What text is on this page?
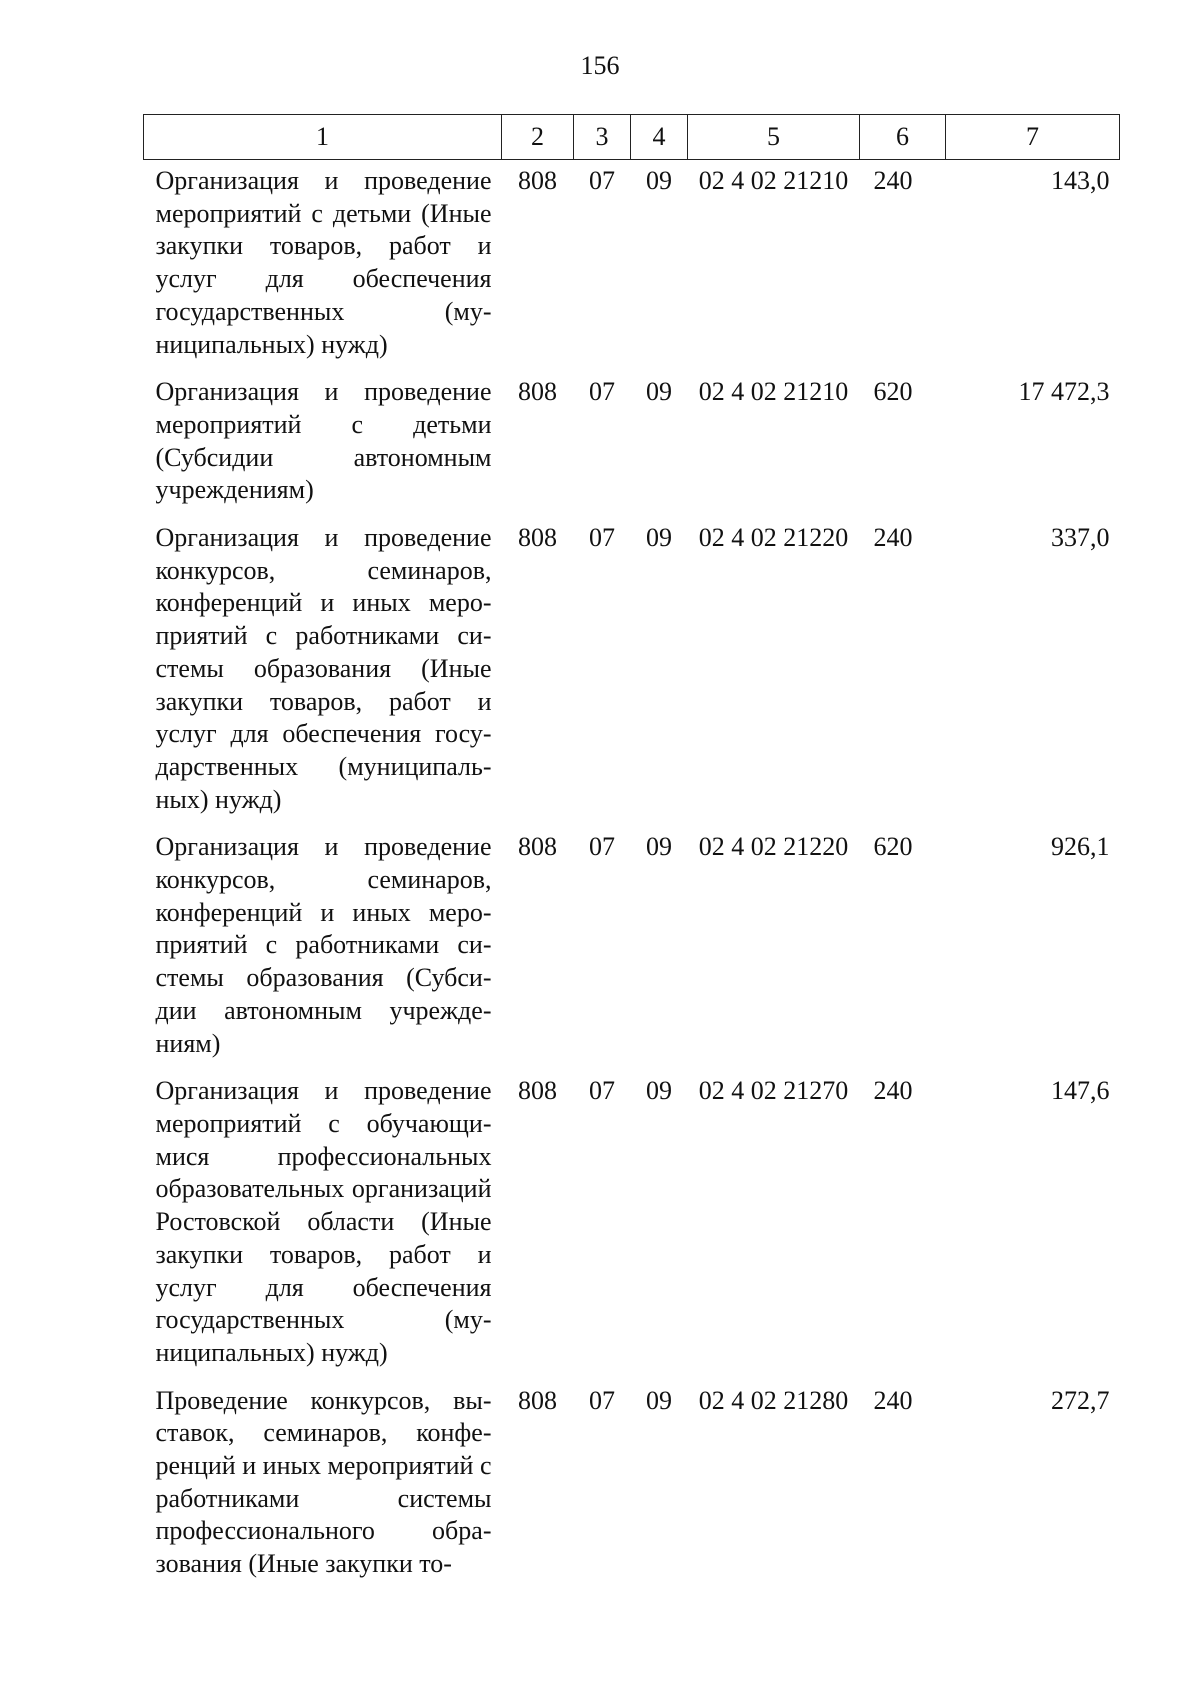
156
1	2	3	4	5	6	7
Организация и проведение мероприятий с детьми (Иные закупки товаров, работ и услуг для обеспечения государственных (муниципальных) нужд)	808	07	09	02 4 02 21210	240	143,0
Организация и проведение мероприятий с детьми (Субсидии автономным учреждениям)	808	07	09	02 4 02 21210	620	17 472,3
Организация и проведение конкурсов, семинаров, конференций и иных мероприятий с работниками системы образования (Иные закупки товаров, работ и услуг для обеспечения государственных (муниципальных) нужд)	808	07	09	02 4 02 21220	240	337,0
Организация и проведение конкурсов, семинаров, конференций и иных мероприятий с работниками системы образования (Субсидии автономным учреждениям)	808	07	09	02 4 02 21220	620	926,1
Организация и проведение мероприятий с обучающимися профессиональных образовательных организаций Ростовской области (Иные закупки товаров, работ и услуг для обеспечения государственных (муниципальных) нужд)	808	07	09	02 4 02 21270	240	147,6
Проведение конкурсов, выставок, семинаров, конференций и иных мероприятий с работниками системы профессионального образования (Иные закупки то-	808	07	09	02 4 02 21280	240	272,7
